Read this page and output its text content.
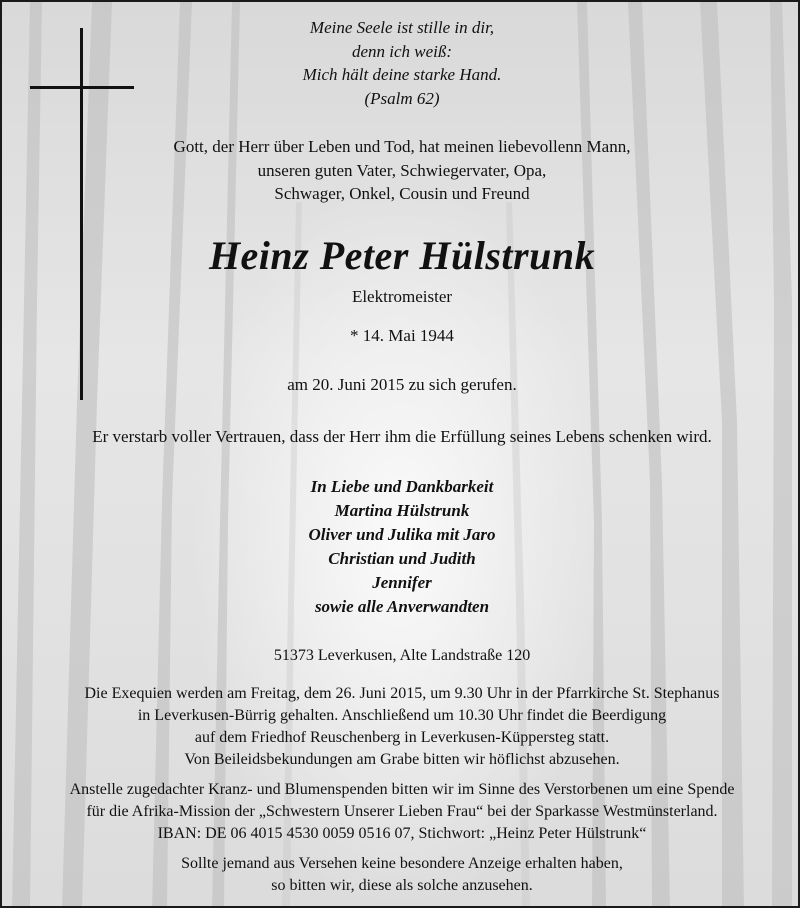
Meine Seele ist stille in dir,
denn ich weiß:
Mich hält deine starke Hand.
(Psalm 62)
Gott, der Herr über Leben und Tod, hat meinen liebevollenn Mann,
unseren guten Vater, Schwiegervater, Opa,
Schwager, Onkel, Cousin und Freund
Heinz Peter Hülstrunk
Elektromeister
* 14. Mai 1944
am 20. Juni 2015 zu sich gerufen.
Er verstarb voller Vertrauen, dass der Herr ihm die Erfüllung seines Lebens schenken wird.
In Liebe und Dankbarkeit
Martina Hülstrunk
Oliver und Julika mit Jaro
Christian und Judith
Jennifer
sowie alle Anverwandten
51373 Leverkusen, Alte Landstraße 120
Die Exequien werden am Freitag, dem 26. Juni 2015, um 9.30 Uhr in der Pfarrkirche St. Stephanus
in Leverkusen-Bürrig gehalten. Anschließend um 10.30 Uhr findet die Beerdigung
auf dem Friedhof Reuschenberg in Leverkusen-Küppersteg statt.
Von Beileidsbekundungen am Grabe bitten wir höflichst abzusehen.
Anstelle zugedachter Kranz- und Blumenspenden bitten wir im Sinne des Verstorbenen um eine Spende
für die Afrika-Mission der „Schwestern Unserer Lieben Frau“ bei der Sparkasse Westmünsterland.
IBAN: DE 06 4015 4530 0059 0516 07, Stichwort: „Heinz Peter Hülstrunk“
Sollte jemand aus Versehen keine besondere Anzeige erhalten haben,
so bitten wir, diese als solche anzusehen.
